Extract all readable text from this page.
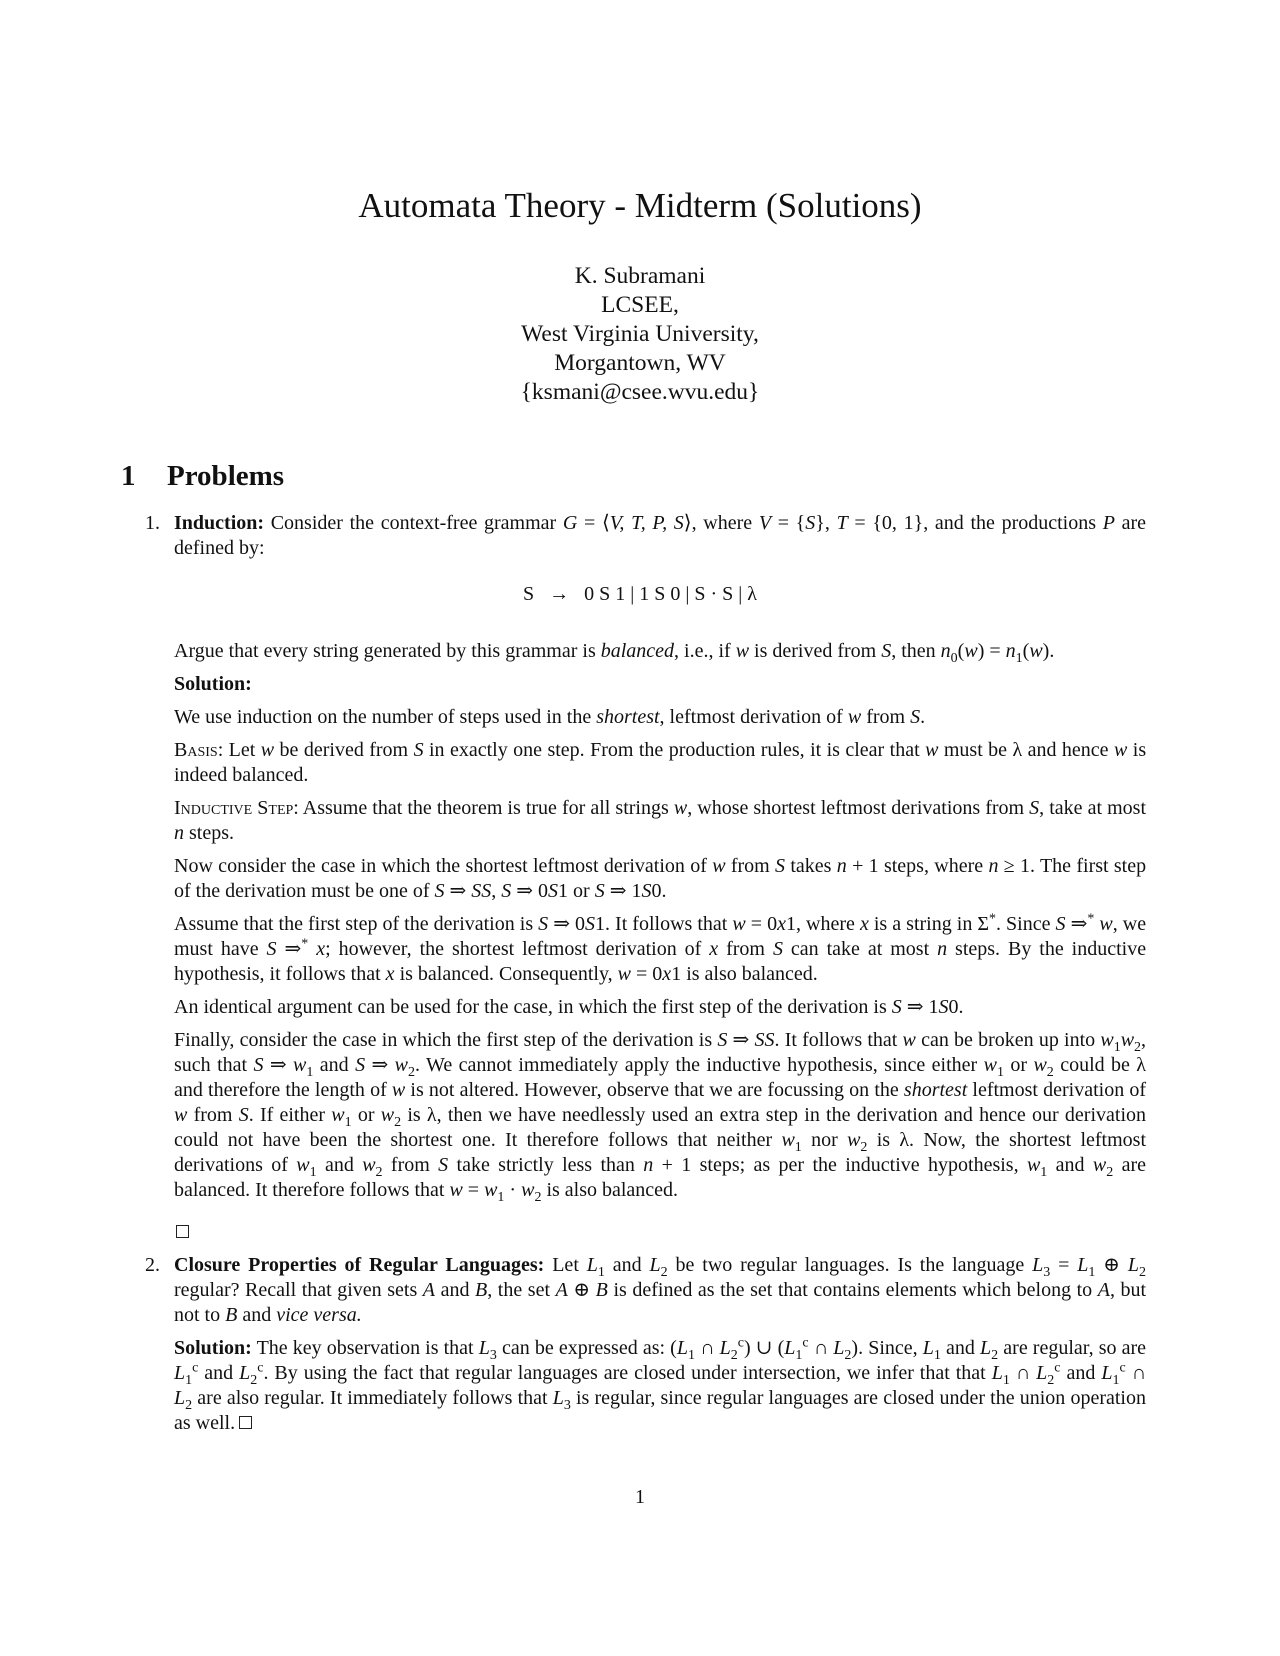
Automata Theory - Midterm (Solutions)
K. Subramani
LCSEE,
West Virginia University,
Morgantown, WV
{ksmani@csee.wvu.edu}
1 Problems
1. Induction: Consider the context-free grammar G = ⟨V, T, P, S⟩, where V = {S}, T = {0, 1}, and the productions P are defined by:

S   →   0 S 1 | 1 S 0 | S · S | λ

Argue that every string generated by this grammar is balanced, i.e., if w is derived from S, then $n_0(w) = n_1(w)$.

Solution:

We use induction on the number of steps used in the shortest, leftmost derivation of w from S.

Basis: Let w be derived from S in exactly one step. From the production rules, it is clear that w must be λ and hence w is indeed balanced.

Inductive Step: Assume that the theorem is true for all strings w, whose shortest leftmost derivations from S, take at most n steps.

Now consider the case in which the shortest leftmost derivation of w from S takes n + 1 steps, where n ≥ 1. The first step of the derivation must be one of S ⇒ SS, S ⇒ 0S1 or S ⇒ 1S0.

Assume that the first step of the derivation is S ⇒ 0S1. It follows that w = 0x1, where x is a string in Σ*. Since S ⇒* w, we must have S ⇒* x; however, the shortest leftmost derivation of x from S can take at most n steps. By the inductive hypothesis, it follows that x is balanced. Consequently, w = 0x1 is also balanced.

An identical argument can be used for the case, in which the first step of the derivation is S ⇒ 1S0.

Finally, consider the case in which the first step of the derivation is S ⇒ SS. It follows that w can be broken up into $w_1w_2$, such that S ⇒ $w_1$ and S ⇒ $w_2$. We cannot immediately apply the inductive hypothesis, since either $w_1$ or $w_2$ could be λ and therefore the length of w is not altered. However, observe that we are focussing on the shortest leftmost derivation of w from S. If either $w_1$ or $w_2$ is λ, then we have needlessly used an extra step in the derivation and hence our derivation could not have been the shortest one. It therefore follows that neither $w_1$ nor $w_2$ is λ. Now, the shortest leftmost derivations of $w_1$ and $w_2$ from S take strictly less than n + 1 steps; as per the inductive hypothesis, $w_1$ and $w_2$ are balanced. It therefore follows that $w = w_1 \cdot w_2$ is also balanced.

2. Closure Properties of Regular Languages: Let $L_1$ and $L_2$ be two regular languages. Is the language $L_3 = L_1$ ⊕ $L_2$ regular? Recall that given sets A and B, the set A ⊕ B is defined as the set that contains elements which belong to A, but not to B and vice versa.

Solution: The key observation is that $L_3$ can be expressed as: ($L_1$ ∩ $L_2^c$) ∪ ($L_1^c$ ∩ $L_2$). Since, $L_1$ and $L_2$ are regular, so are $L_1^c$ and $L_2^c$. By using the fact that regular languages are closed under intersection, we infer that that $L_1$ ∩ $L_2^c$ and $L_1^c$ ∩ $L_2$ are also regular. It immediately follows that $L_3$ is regular, since regular languages are closed under the union operation as well.

1
